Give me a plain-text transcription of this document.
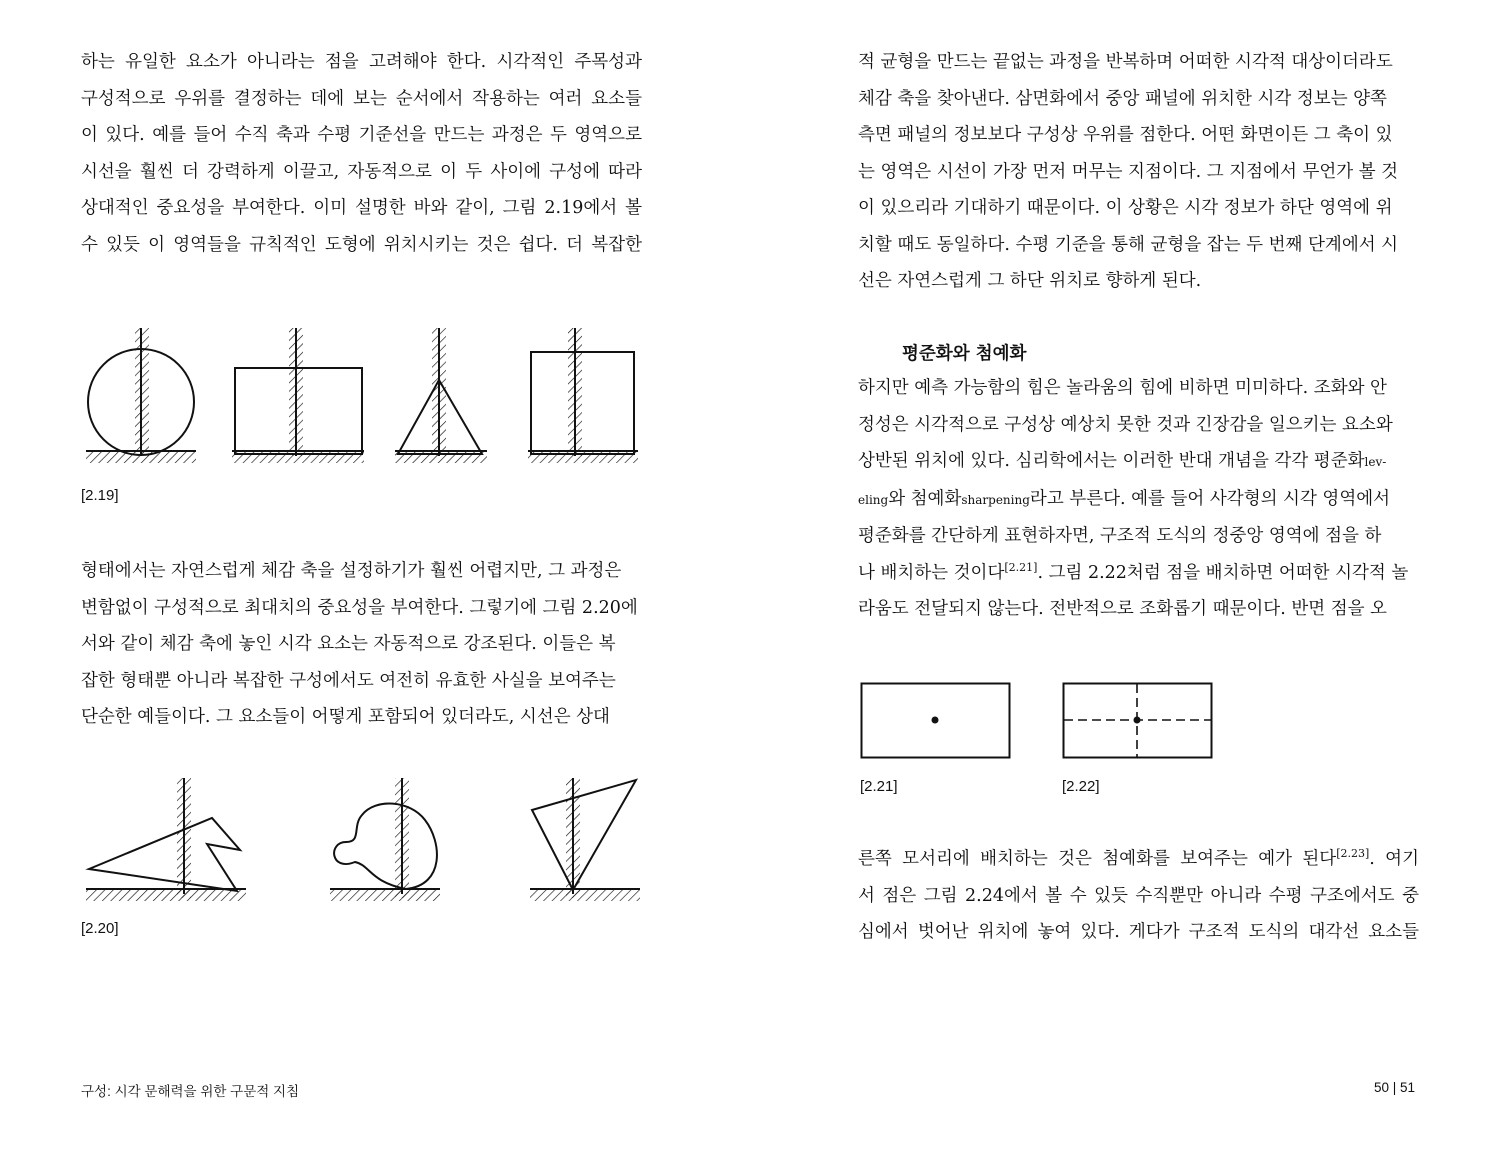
하는 유일한 요소가 아니라는 점을 고려해야 한다. 시각적인 주목성과
구성적으로 우위를 결정하는 데에 보는 순서에서 작용하는 여러 요소들
이 있다. 예를 들어 수직 축과 수평 기준선을 만드는 과정은 두 영역으로
시선을 훨씬 더 강력하게 이끌고, 자동적으로 이 두 사이에 구성에 따라
상대적인 중요성을 부여한다. 이미 설명한 바와 같이, 그림 2.19에서 볼
수 있듯 이 영역들을 규칙적인 도형에 위치시키는 것은 쉽다. 더 복잡한

[2.19]

형태에서는 자연스럽게 체감 축을 설정하기가 훨씬 어렵지만, 그 과정은
변함없이 구성적으로 최대치의 중요성을 부여한다. 그렇기에 그림 2.20에
서와 같이 체감 축에 놓인 시각 요소는 자동적으로 강조된다. 이들은 복
잡한 형태뿐 아니라 복잡한 구성에서도 여전히 유효한 사실을 보여주는
단순한 예들이다. 그 요소들이 어떻게 포함되어 있더라도, 시선은 상대

[2.20]
구성: 시각 문해력을 위한 구문적 지침

적 균형을 만드는 끝없는 과정을 반복하며 어떠한 시각적 대상이더라도
체감 축을 찾아낸다. 삼면화에서 중앙 패널에 위치한 시각 정보는 양쪽
측면 패널의 정보보다 구성상 우위를 점한다. 어떤 화면이든 그 축이 있
는 영역은 시선이 가장 먼저 머무는 지점이다. 그 지점에서 무언가 볼 것
이 있으리라 기대하기 때문이다. 이 상황은 시각 정보가 하단 영역에 위
치할 때도 동일하다. 수평 기준을 통해 균형을 잡는 두 번째 단계에서 시
선은 자연스럽게 그 하단 위치로 향하게 된다.

평준화와 첨예화

하지만 예측 가능함의 힘은 놀라움의 힘에 비하면 미미하다. 조화와 안
정성은 시각적으로 구성상 예상치 못한 것과 긴장감을 일으키는 요소와
상반된 위치에 있다. 심리학에서는 이러한 반대 개념을 각각 평준화lev-
eling와 첨예화sharpening라고 부른다. 예를 들어 사각형의 시각 영역에서
평준화를 간단하게 표현하자면, 구조적 도식의 정중앙 영역에 점을 하
나 배치하는 것이다[2.21]. 그림 2.22처럼 점을 배치하면 어떠한 시각적 놀
라움도 전달되지 않는다. 전반적으로 조화롭기 때문이다. 반면 점을 오

[2.21]	[2.22]

른쪽 모서리에 배치하는 것은 첨예화를 보여주는 예가 된다[2.23]. 여기
서 점은 그림 2.24에서 볼 수 있듯 수직뿐만 아니라 수평 구조에서도 중
심에서 벗어난 위치에 놓여 있다. 게다가 구조적 도식의 대각선 요소들

50 | 51
